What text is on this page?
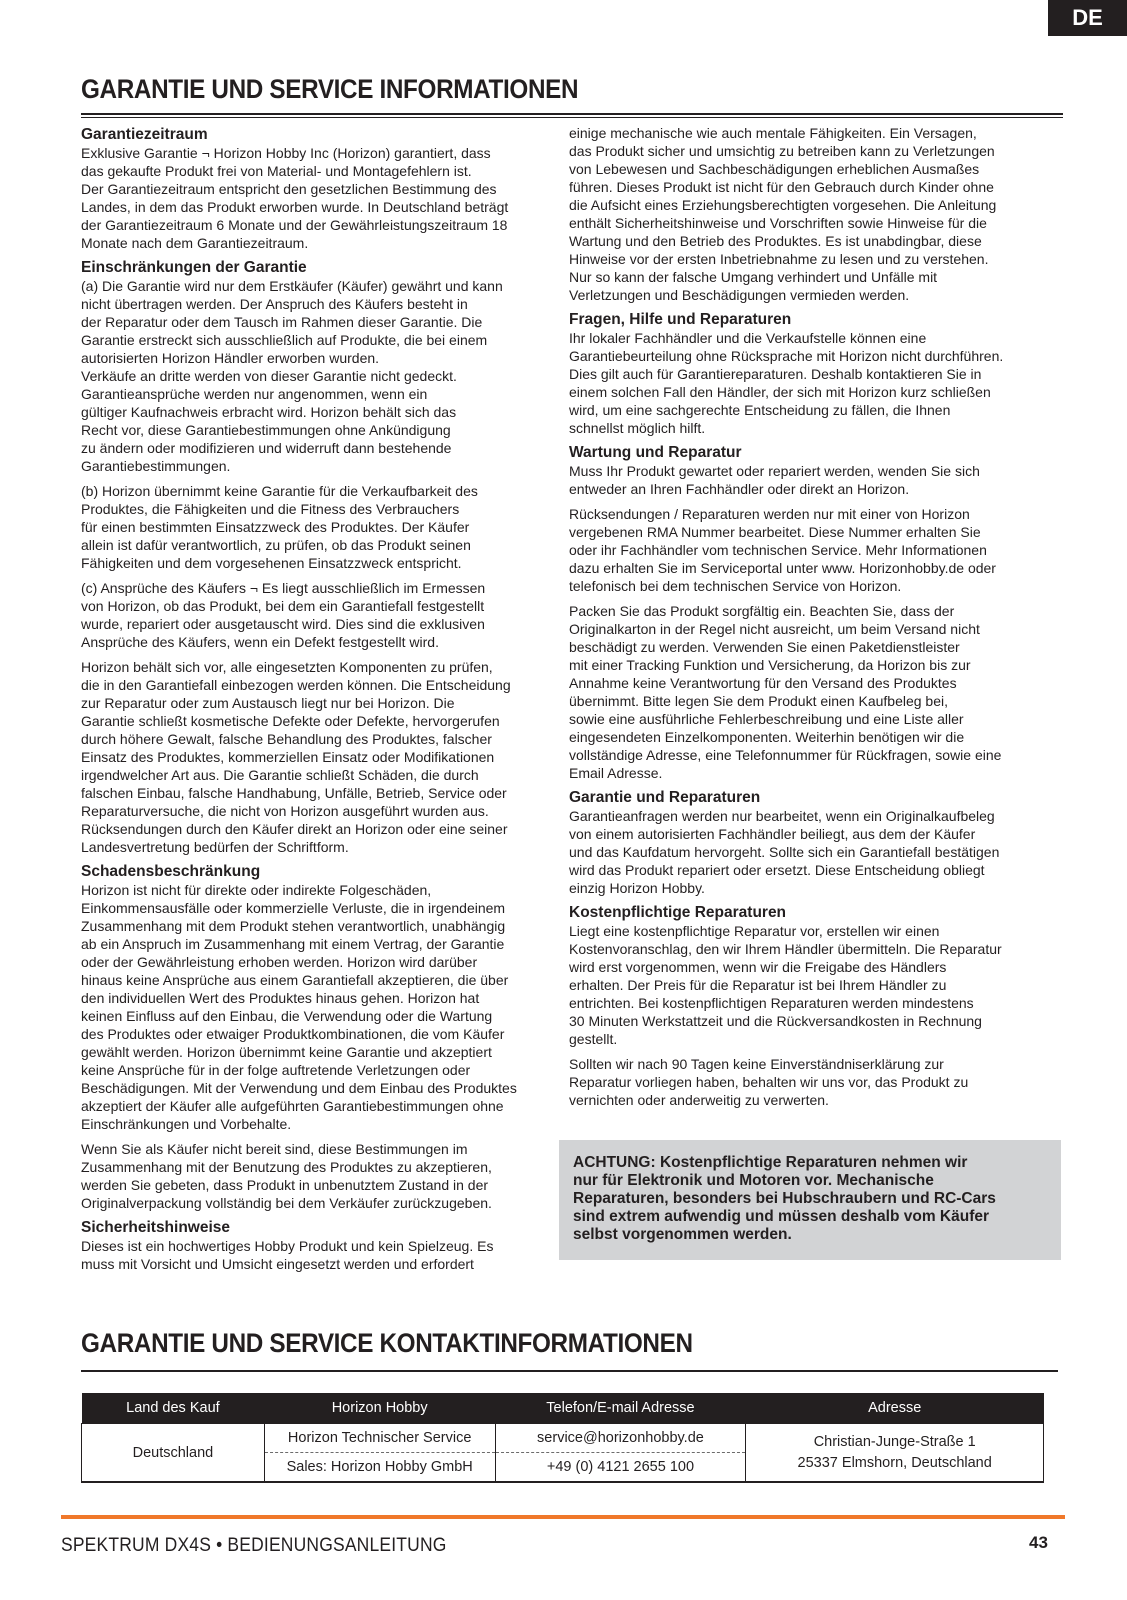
DE
GARANTIE UND SERVICE INFORMATIONEN
Garantiezeitraum

Exklusive Garantie ¬ Horizon Hobby Inc (Horizon) garantiert, dass
das gekaufte Produkt frei von Material- und Montagefehlern ist.
Der Garantiezeitraum entspricht den gesetzlichen Bestimmung des
Landes, in dem das Produkt erworben wurde. In Deutschland beträgt
der Garantiezeitraum 6 Monate und der Gewährleistungszeitraum 18
Monate nach dem Garantiezeitraum.

Einschränkungen der Garantie
(a) Die Garantie wird nur dem Erstkäufer (Käufer) gewährt und kann
nicht übertragen werden. Der Anspruch des Käufers besteht in
der Reparatur oder dem Tausch im Rahmen dieser Garantie. Die
Garantie erstreckt sich ausschließlich auf Produkte, die bei einem
autorisierten Horizon Händler erworben wurden.
Verkäufe an dritte werden von dieser Garantie nicht gedeckt.
Garantieansprüche werden nur angenommen, wenn ein
gültiger Kaufnachweis erbracht wird. Horizon behält sich das
Recht vor, diese Garantiebestimmungen ohne Ankündigung
zu ändern oder modifizieren und widerruft dann bestehende
Garantiebestimmungen.
(b) Horizon übernimmt keine Garantie für die Verkaufbarkeit des
Produktes, die Fähigkeiten und die Fitness des Verbrauchers
für einen bestimmten Einsatzzweck des Produktes. Der Käufer
allein ist dafür verantwortlich, zu prüfen, ob das Produkt seinen
Fähigkeiten und dem vorgesehenen Einsatzzweck entspricht.
(c) Ansprüche des Käufers ¬ Es liegt ausschließlich im Ermessen
von Horizon, ob das Produkt, bei dem ein Garantiefall festgestellt
wurde, repariert oder ausgetauscht wird. Dies sind die exklusiven
Ansprüche des Käufers, wenn ein Defekt festgestellt wird.

Horizon behält sich vor, alle eingesetzten Komponenten zu prüfen,
die in den Garantiefall einbezogen werden können. Die Entscheidung
zur Reparatur oder zum Austausch liegt nur bei Horizon. Die
Garantie schließt kosmetische Defekte oder Defekte, hervorgerufen
durch höhere Gewalt, falsche Behandlung des Produktes, falscher
Einsatz des Produktes, kommerziellen Einsatz oder Modifikationen
irgendwelcher Art aus. Die Garantie schließt Schäden, die durch
falschen Einbau, falsche Handhabung, Unfälle, Betrieb, Service oder
Reparaturversuche, die nicht von Horizon ausgeführt wurden aus.
Rücksendungen durch den Käufer direkt an Horizon oder eine seiner
Landesvertretung bedürfen der Schriftform.

Schadensbeschränkung

Horizon ist nicht für direkte oder indirekte Folgeschäden,
Einkommensausfälle oder kommerzielle Verluste, die in irgendeinem
Zusammenhang mit dem Produkt stehen verantwortlich, unabhängig
ab ein Anspruch im Zusammenhang mit einem Vertrag, der Garantie
oder der Gewährleistung erhoben werden. Horizon wird darüber
hinaus keine Ansprüche aus einem Garantiefall akzeptieren, die über
den individuellen Wert des Produktes hinaus gehen. Horizon hat
keinen Einfluss auf den Einbau, die Verwendung oder die Wartung
des Produktes oder etwaiger Produktkombinationen, die vom Käufer
gewählt werden. Horizon übernimmt keine Garantie und akzeptiert
keine Ansprüche für in der folge auftretende Verletzungen oder
Beschädigungen. Mit der Verwendung und dem Einbau des Produktes
akzeptiert der Käufer alle aufgeführten Garantiebestimmungen ohne
Einschränkungen und Vorbehalte.

Wenn Sie als Käufer nicht bereit sind, diese Bestimmungen im
Zusammenhang mit der Benutzung des Produktes zu akzeptieren,
werden Sie gebeten, dass Produkt in unbenutztem Zustand in der
Originalverpackung vollständig bei dem Verkäufer zurückzugeben.

Sicherheitshinweise

Dieses ist ein hochwertiges Hobby Produkt und kein Spielzeug. Es
muss mit Vorsicht und Umsicht eingesetzt werden und erfordert

einige mechanische wie auch mentale Fähigkeiten. Ein Versagen,
das Produkt sicher und umsichtig zu betreiben kann zu Verletzungen
von Lebewesen und Sachbeschädigungen erheblichen Ausmaßes
führen. Dieses Produkt ist nicht für den Gebrauch durch Kinder ohne
die Aufsicht eines Erziehungsberechtigten vorgesehen. Die Anleitung
enthält Sicherheitshinweise und Vorschriften sowie Hinweise für die
Wartung und den Betrieb des Produktes. Es ist unabdingbar, diese
Hinweise vor der ersten Inbetriebnahme zu lesen und zu verstehen.
Nur so kann der falsche Umgang verhindert und Unfälle mit
Verletzungen und Beschädigungen vermieden werden.

Fragen, Hilfe und Reparaturen

Ihr lokaler Fachhändler und die Verkaufstelle können eine
Garantiebeurteilung ohne Rücksprache mit Horizon nicht durchführen.
Dies gilt auch für Garantiereparaturen. Deshalb kontaktieren Sie in
einem solchen Fall den Händler, der sich mit Horizon kurz schließen
wird, um eine sachgerechte Entscheidung zu fällen, die Ihnen
schnellst möglich hilft.

Wartung und Reparatur

Muss Ihr Produkt gewartet oder repariert werden, wenden Sie sich
entweder an Ihren Fachhändler oder direkt an Horizon.

Rücksendungen / Reparaturen werden nur mit einer von Horizon
vergebenen RMA Nummer bearbeitet. Diese Nummer erhalten Sie
oder ihr Fachhändler vom technischen Service. Mehr Informationen
dazu erhalten Sie im Serviceportal unter www. Horizonhobby.de oder
telefonisch bei dem technischen Service von Horizon.

Packen Sie das Produkt sorgfältig ein. Beachten Sie, dass der
Originalkarton in der Regel nicht ausreicht, um beim Versand nicht
beschädigt zu werden. Verwenden Sie einen Paketdienstleister
mit einer Tracking Funktion und Versicherung, da Horizon bis zur
Annahme keine Verantwortung für den Versand des Produktes
übernimmt. Bitte legen Sie dem Produkt einen Kaufbeleg bei,
sowie eine ausführliche Fehlerbeschreibung und eine Liste aller
eingesendeten Einzelkomponenten. Weiterhin benötigen wir die
vollständige Adresse, eine Telefonnummer für Rückfragen, sowie eine
Email Adresse.

Garantie und Reparaturen

Garantieanfragen werden nur bearbeitet, wenn ein Originalkaufbeleg
von einem autorisierten Fachhändler beiliegt, aus dem der Käufer
und das Kaufdatum hervorgeht. Sollte sich ein Garantiefall bestätigen
wird das Produkt repariert oder ersetzt. Diese Entscheidung obliegt
einzig Horizon Hobby.

Kostenpflichtige Reparaturen

Liegt eine kostenpflichtige Reparatur vor, erstellen wir einen
Kostenvoranschlag, den wir Ihrem Händler übermitteln. Die Reparatur
wird erst vorgenommen, wenn wir die Freigabe des Händlers
erhalten. Der Preis für die Reparatur ist bei Ihrem Händler zu
entrichten. Bei kostenpflichtigen Reparaturen werden mindestens
30 Minuten Werkstattzeit und die Rückversandkosten in Rechnung
gestellt.

Sollten wir nach 90 Tagen keine Einverständniserklärung zur
Reparatur vorliegen haben, behalten wir uns vor, das Produkt zu
vernichten oder anderweitig zu verwerten.

ACHTUNG: Kostenpflichtige Reparaturen nehmen wir
nur für Elektronik und Motoren vor. Mechanische
Reparaturen, besonders bei Hubschraubern und RC-Cars
sind extrem aufwendig und müssen deshalb vom Käufer
selbst vorgenommen werden.
GARANTIE UND SERVICE KONTAKTINFORMATIONEN
Land des Kauf	Horizon Hobby	Telefon/E-mail Adresse	Adresse
Deutschland	Horizon Technischer Service	service@horizonhobby.de	Christian-Junge-Straße 1
25337 Elmshorn, Deutschland

	Sales: Horizon Hobby GmbH	+49 (0) 4121 2655 100	
SPEKTRUM DX4S • BEDIENUNGSANLEITUNG	43
